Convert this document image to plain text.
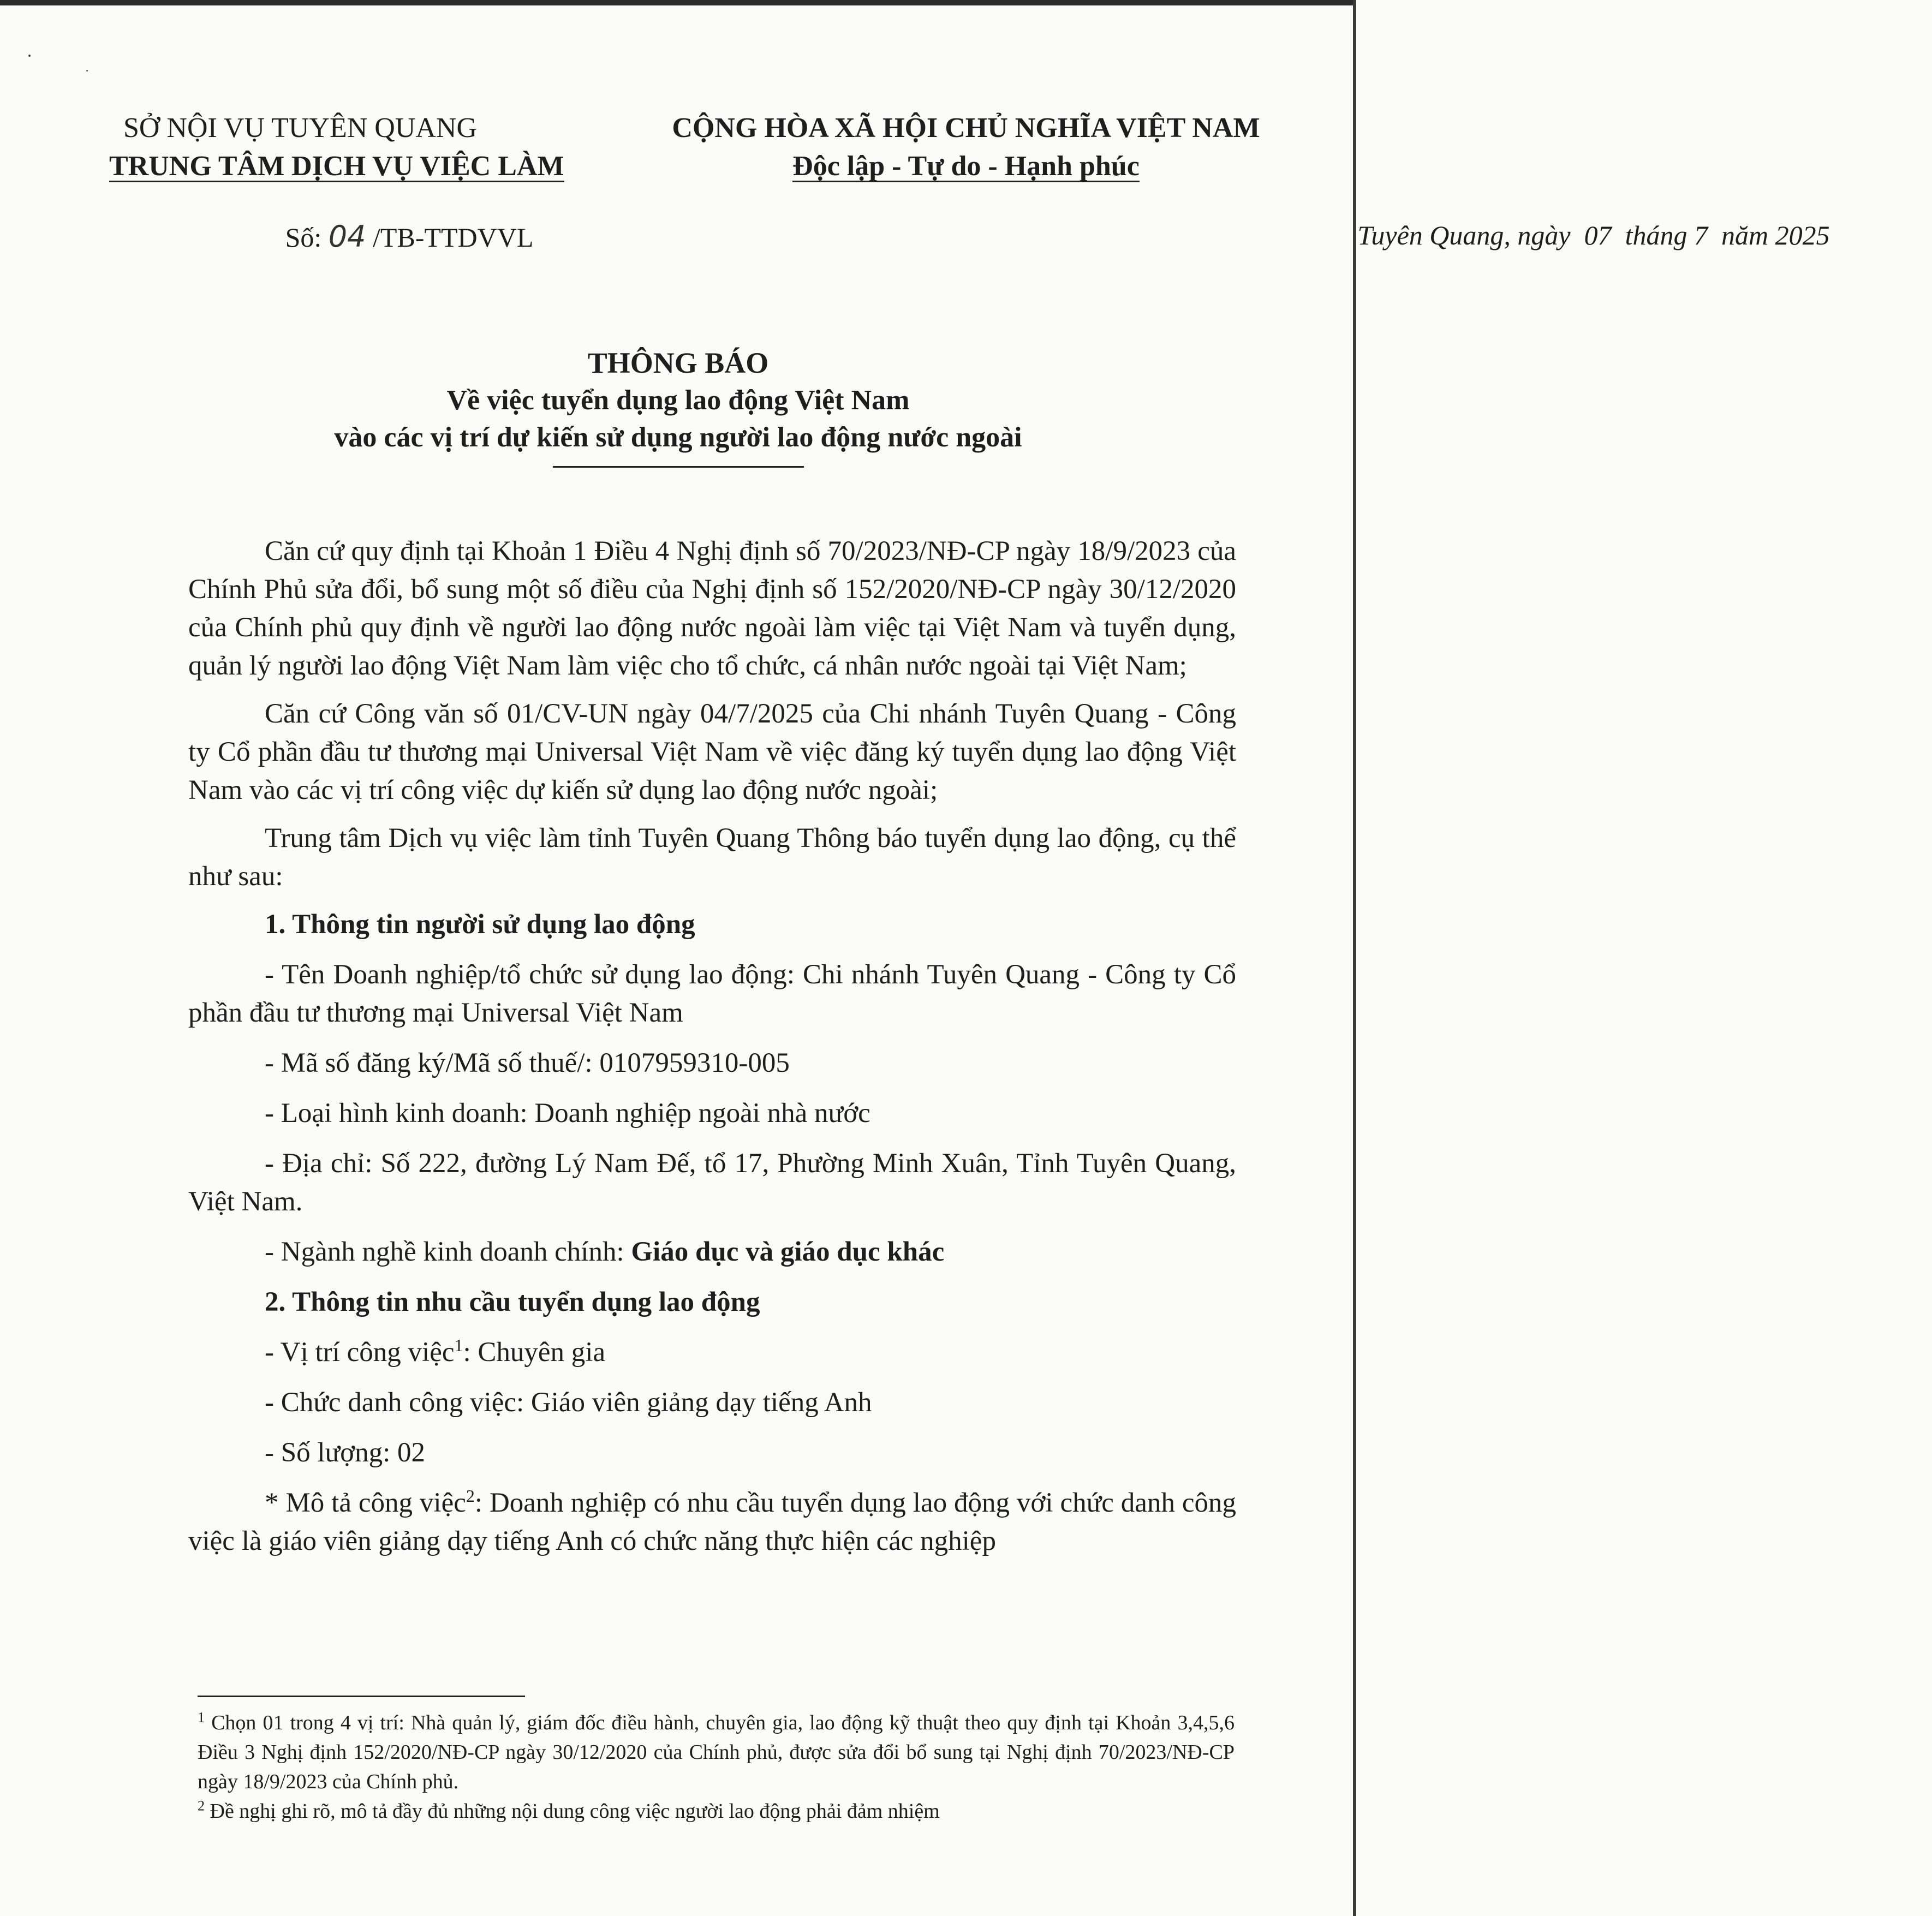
SỞ NỘI VỤ TUYÊN QUANG
TRUNG TÂM DỊCH VỤ VIỆC LÀM
Số: 04 /TB-TTDVVL
CỘNG HÒA XÃ HỘI CHỦ NGHĨA VIỆT NAM
Độc lập - Tự do - Hạnh phúc
Tuyên Quang, ngày  07  tháng 7  năm 2025
THÔNG BÁO
Về việc tuyển dụng lao động Việt Nam
vào các vị trí dự kiến sử dụng người lao động nước ngoài

Căn cứ quy định tại Khoản 1 Điều 4 Nghị định số 70/2023/NĐ-CP ngày 18/9/2023 của Chính Phủ sửa đổi, bổ sung một số điều của Nghị định số 152/2020/NĐ-CP ngày 30/12/2020 của Chính phủ quy định về người lao động nước ngoài làm việc tại Việt Nam và tuyển dụng, quản lý người lao động Việt Nam làm việc cho tổ chức, cá nhân nước ngoài tại Việt Nam;

Căn cứ Công văn số 01/CV-UN ngày 04/7/2025 của Chi nhánh Tuyên Quang - Công ty Cổ phần đầu tư thương mại Universal Việt Nam về việc đăng ký tuyển dụng lao động Việt Nam vào các vị trí công việc dự kiến sử dụng lao động nước ngoài;

Trung tâm Dịch vụ việc làm tỉnh Tuyên Quang Thông báo tuyển dụng lao động, cụ thể như sau:

1. Thông tin người sử dụng lao động
- Tên Doanh nghiệp/tổ chức sử dụng lao động: Chi nhánh Tuyên Quang - Công ty Cổ phần đầu tư thương mại Universal Việt Nam
- Mã số đăng ký/Mã số thuế/: 0107959310-005
- Loại hình kinh doanh: Doanh nghiệp ngoài nhà nước
- Địa chỉ: Số 222, đường Lý Nam Đế, tổ 17, Phường Minh Xuân, Tỉnh Tuyên Quang, Việt Nam.
- Ngành nghề kinh doanh chính: Giáo dục và giáo dục khác
2. Thông tin nhu cầu tuyển dụng lao động
- Vị trí công việc$^1$: Chuyên gia
- Chức danh công việc: Giáo viên giảng dạy tiếng Anh
- Số lượng: 02
* Mô tả công việc$^2$: Doanh nghiệp có nhu cầu tuyển dụng lao động với chức danh công việc là giáo viên giảng dạy tiếng Anh có chức năng thực hiện các nghiệp

$^1$ Chọn 01 trong 4 vị trí: Nhà quản lý, giám đốc điều hành, chuyên gia, lao động kỹ thuật theo quy định tại Khoản 3,4,5,6 Điều 3 Nghị định 152/2020/NĐ-CP ngày 30/12/2020 của Chính phủ, được sửa đổi bổ sung tại Nghị định 70/2023/NĐ-CP ngày 18/9/2023 của Chính phủ.

$^2$ Đề nghị ghi rõ, mô tả đầy đủ những nội dung công việc người lao động phải đảm nhiệm
